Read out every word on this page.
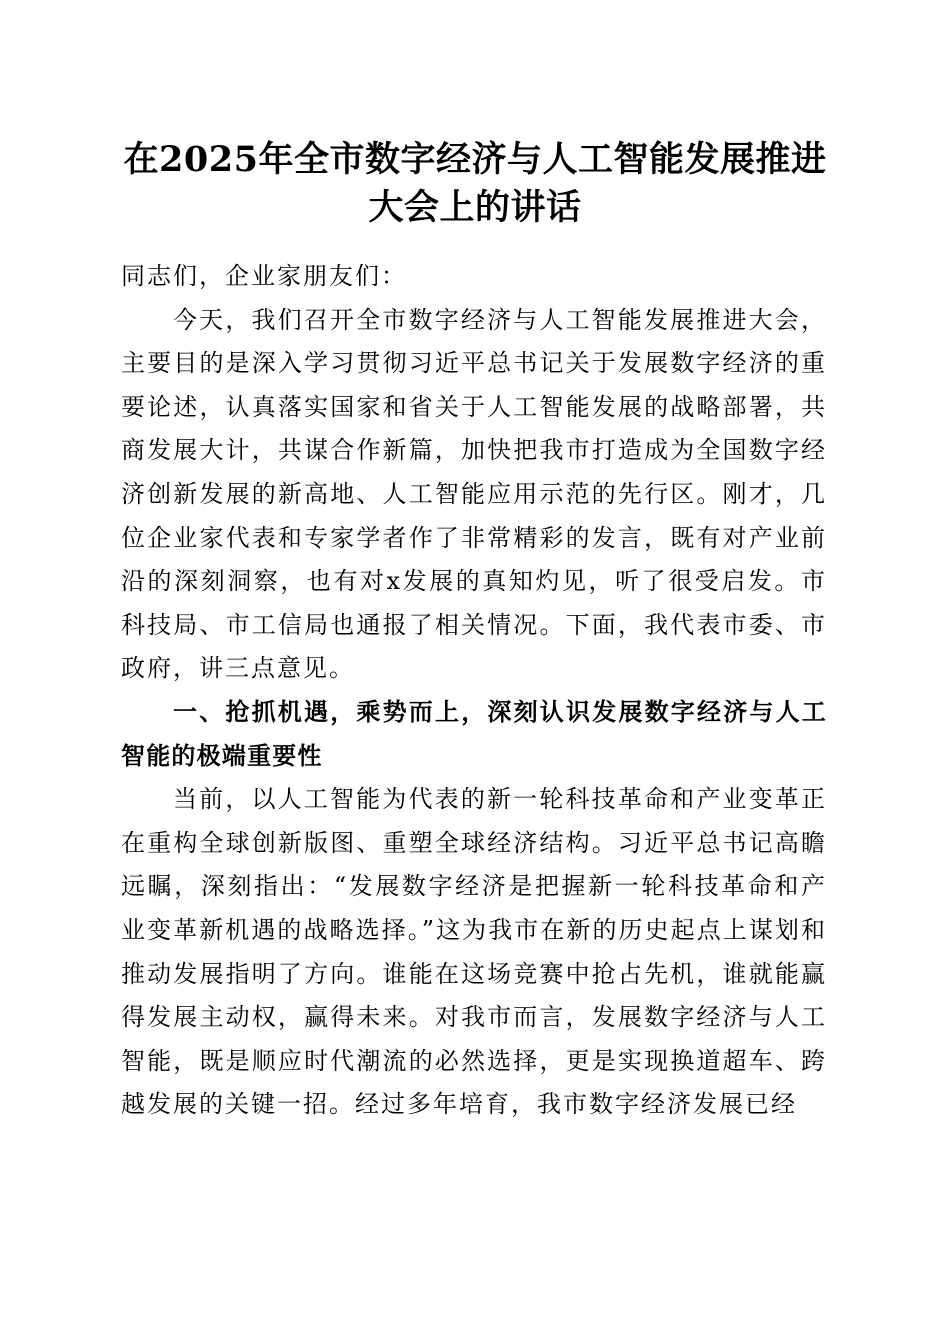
在2025年全市数字经济与人工智能发展推进
大会上的讲话

同志们，企业家朋友们：

今天，我们召开全市数字经济与人工智能发展推进大会，主要目的是深入学习贯彻习近平总书记关于发展数字经济的重要论述，认真落实国家和省关于人工智能发展的战略部署，共商发展大计，共谋合作新篇，加快把我市打造成为全国数字经济创新发展的新高地、人工智能应用示范的先行区。刚才，几位企业家代表和专家学者作了非常精彩的发言，既有对产业前沿的深刻洞察，也有对x发展的真知灼见，听了很受启发。市科技局、市工信局也通报了相关情况。下面，我代表市委、市政府，讲三点意见。

一、抢抓机遇，乘势而上，深刻认识发展数字经济与人工智能的极端重要性

当前，以人工智能为代表的新一轮科技革命和产业变革正在重构全球创新版图、重塑全球经济结构。习近平总书记高瞻远瞩，深刻指出：“发展数字经济是把握新一轮科技革命和产业变革新机遇的战略选择。”这为我市在新的历史起点上谋划和推动发展指明了方向。谁能在这场竞赛中抢占先机，谁就能赢得发展主动权，赢得未来。对我市而言，发展数字经济与人工智能，既是顺应时代潮流的必然选择，更是实现换道超车、跨越发展的关键一招。经过多年培育，我市数字经济发展已经
